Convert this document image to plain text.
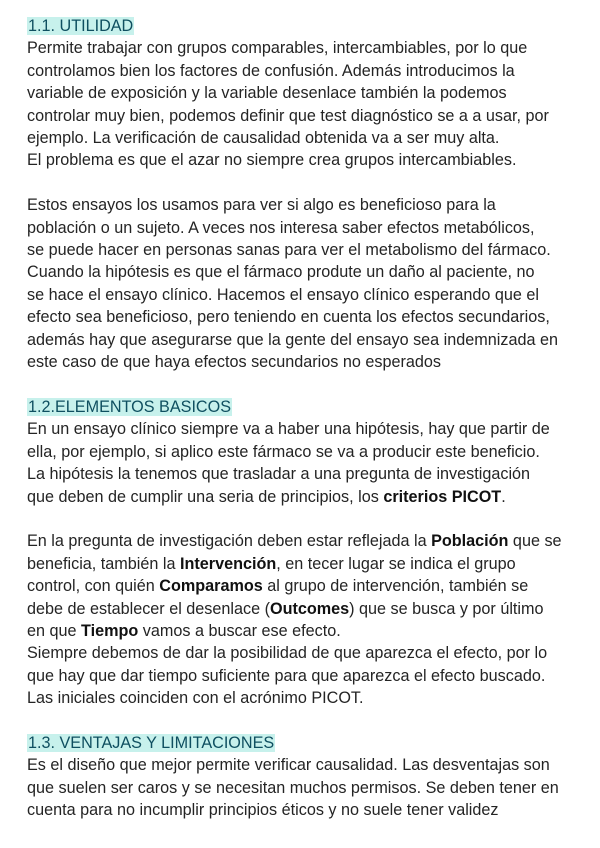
1.1. UTILIDAD

Permite trabajar con grupos comparables, intercambiables, por lo que
controlamos bien los factores de confusión. Además introducimos la
variable de exposición y la variable desenlace también la podemos
controlar muy bien, podemos definir que test diagnóstico se a a usar, por
ejemplo. La verificación de causalidad obtenida va a ser muy alta.
El problema es que el azar no siempre crea grupos intercambiables.

Estos ensayos los usamos para ver si algo es beneficioso para la
población o un sujeto. A veces nos interesa saber efectos metabólicos,
se puede hacer en personas sanas para ver el metabolismo del fármaco.
Cuando la hipótesis es que el fármaco produte un daño al paciente, no
se hace el ensayo clínico. Hacemos el ensayo clínico esperando que el
efecto sea beneficioso, pero teniendo en cuenta los efectos secundarios,
además hay que asegurarse que la gente del ensayo sea indemnizada en
este caso de que haya efectos secundarios no esperados

1.2.ELEMENTOS BASICOS

En un ensayo clínico siempre va a haber una hipótesis, hay que partir de
ella, por ejemplo, si aplico este fármaco se va a producir este beneficio.
La hipótesis la tenemos que trasladar a una pregunta de investigación
que deben de cumplir una seria de principios, los criterios PICOT.

En la pregunta de investigación deben estar reflejada la Población que se
beneficia, también la Intervención, en tecer lugar se indica el grupo
control, con quién Comparamos al grupo de intervención, también se
debe de establecer el desenlace (Outcomes) que se busca y por último
en que Tiempo vamos a buscar ese efecto.
Siempre debemos de dar la posibilidad de que aparezca el efecto, por lo
que hay que dar tiempo suficiente para que aparezca el efecto buscado.
Las iniciales coinciden con el acrónimo PICOT.

1.3. VENTAJAS Y LIMITACIONES

Es el diseño que mejor permite verificar causalidad. Las desventajas son
que suelen ser caros y se necesitan muchos permisos. Se deben tener en
cuenta para no incumplir principios éticos y no suele tener validez
